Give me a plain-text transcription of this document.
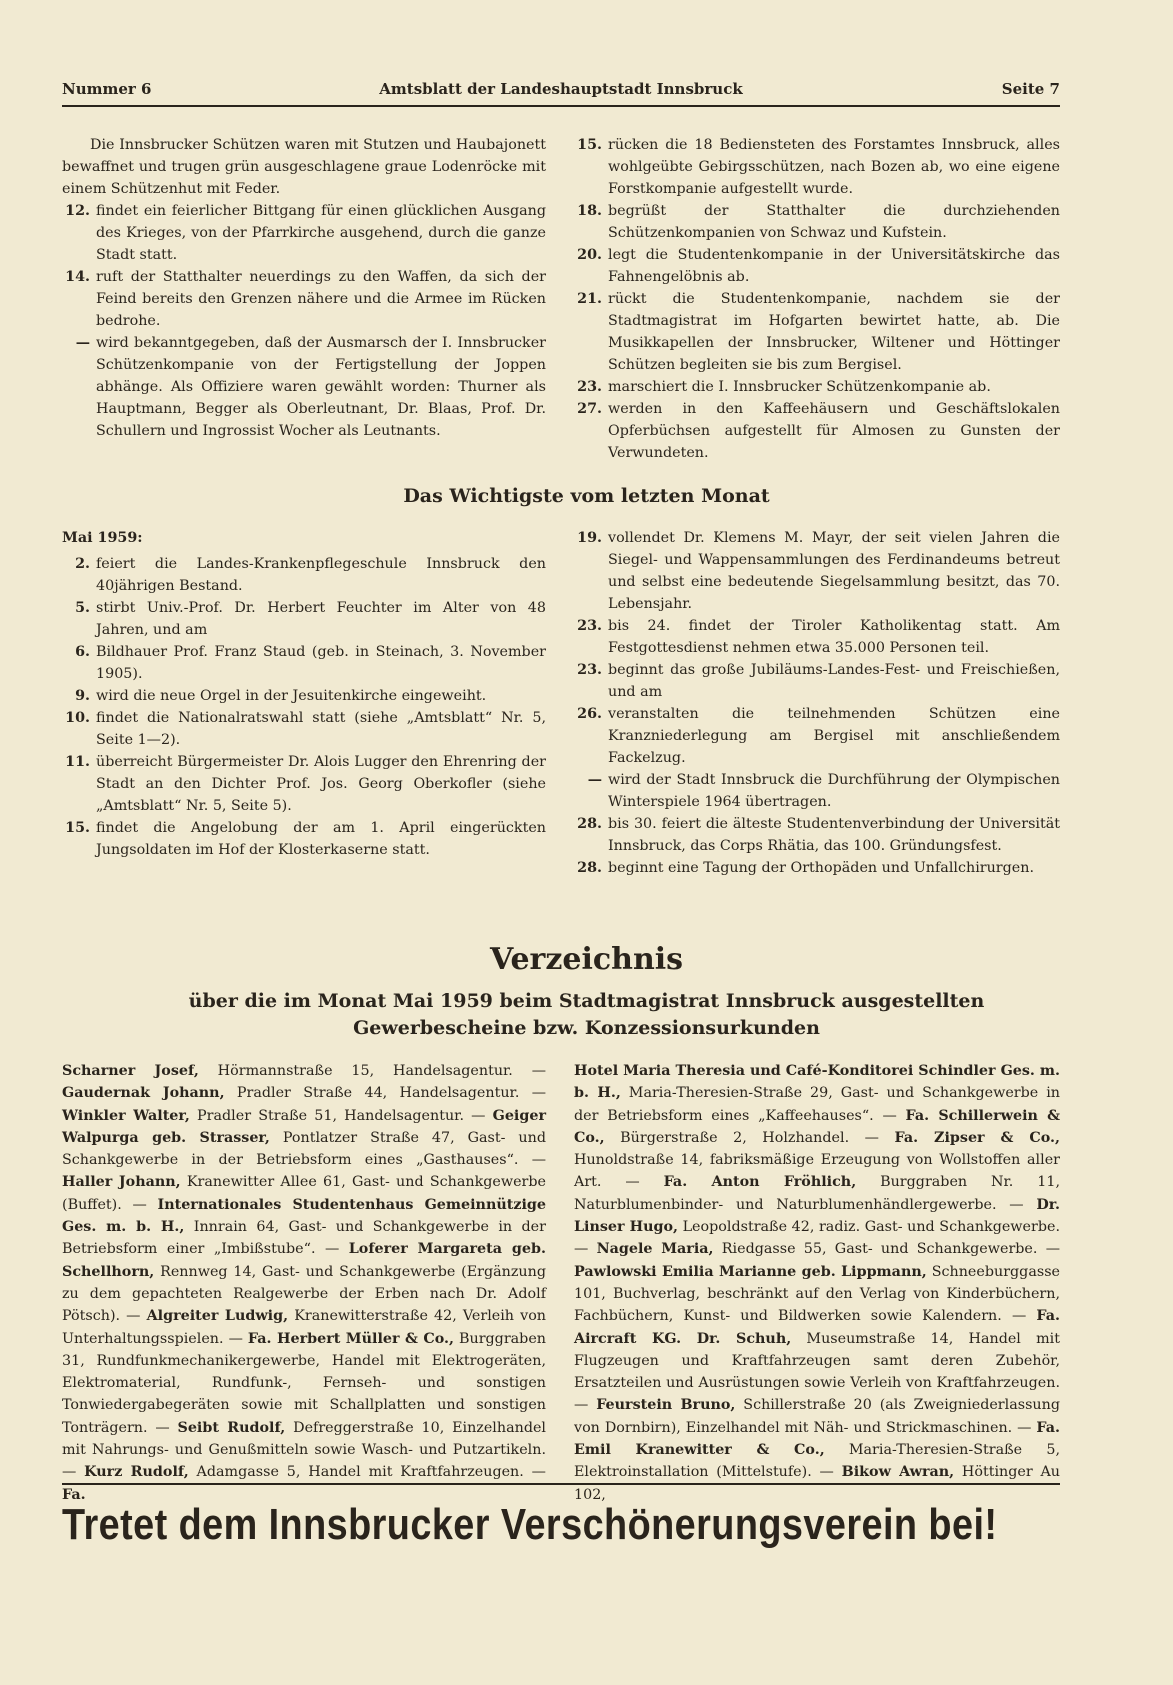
Nummer 6	Amtsblatt der Landeshauptstadt Innsbruck	Seite 7
Die Innsbrucker Schützen waren mit Stutzen und Haubajonett bewaffnet und trugen grün ausgeschlagene graue Lodenröcke mit einem Schützenhut mit Feder.
12. findet ein feierlicher Bittgang für einen glücklichen Ausgang des Krieges, von der Pfarrkirche ausgehend, durch die ganze Stadt statt.
14. ruft der Statthalter neuerdings zu den Waffen, da sich der Feind bereits den Grenzen nähere und die Armee im Rücken bedrohe.
— wird bekanntgegeben, daß der Ausmarsch der I. Innsbrucker Schützenkompanie von der Fertigstellung der Joppen abhänge. Als Offiziere waren gewählt worden: Thurner als Hauptmann, Begger als Oberleutnant, Dr. Blaas, Prof. Dr. Schullern und Ingrossist Wocher als Leutnants.
15. rücken die 18 Bediensteten des Forstamtes Innsbruck, alles wohlgeübte Gebirgsschützen, nach Bozen ab, wo eine eigene Forstkompanie aufgestellt wurde.
18. begrüßt der Statthalter die durchziehenden Schützenkompanien von Schwaz und Kufstein.
20. legt die Studentenkompanie in der Universitätskirche das Fahnengelöbnis ab.
21. rückt die Studentenkompanie, nachdem sie der Stadtmagistrat im Hofgarten bewirtet hatte, ab. Die Musikkapellen der Innsbrucker, Wiltener und Höttinger Schützen begleiten sie bis zum Bergisel.
23. marschiert die I. Innsbrucker Schützenkompanie ab.
27. werden in den Kaffeehäusern und Geschäftslokalen Opferbüchsen aufgestellt für Almosen zu Gunsten der Verwundeten.
Das Wichtigste vom letzten Monat
Mai 1959:
2. feiert die Landes-Krankenpflegeschule Innsbruck den 40jährigen Bestand.
5. stirbt Univ.-Prof. Dr. Herbert Feuchter im Alter von 48 Jahren, und am
6. Bildhauer Prof. Franz Staud (geb. in Steinach, 3. November 1905).
9. wird die neue Orgel in der Jesuitenkirche eingeweiht.
10. findet die Nationalratswahl statt (siehe „Amtsblatt“ Nr. 5, Seite 1—2).
11. überreicht Bürgermeister Dr. Alois Lugger den Ehrenring der Stadt an den Dichter Prof. Jos. Georg Oberkofler (siehe „Amtsblatt“ Nr. 5, Seite 5).
15. findet die Angelobung der am 1. April eingerückten Jungsoldaten im Hof der Klosterkaserne statt.
19. vollendet Dr. Klemens M. Mayr, der seit vielen Jahren die Siegel- und Wappensammlungen des Ferdinandeums betreut und selbst eine bedeutende Siegelsammlung besitzt, das 70. Lebensjahr.
23. bis 24. findet der Tiroler Katholikentag statt. Am Festgottesdienst nehmen etwa 35.000 Personen teil.
23. beginnt das große Jubiläums-Landes-Fest- und Freischießen, und am
26. veranstalten die teilnehmenden Schützen eine Kranzniederlegung am Bergisel mit anschließendem Fackelzug.
— wird der Stadt Innsbruck die Durchführung der Olympischen Winterspiele 1964 übertragen.
28. bis 30. feiert die älteste Studentenverbindung der Universität Innsbruck, das Corps Rhätia, das 100. Gründungsfest.
28. beginnt eine Tagung der Orthopäden und Unfallchirurgen.
Verzeichnis
über die im Monat Mai 1959 beim Stadtmagistrat Innsbruck ausgestellten
Gewerbescheine bzw. Konzessionsurkunden
Scharner Josef, Hörmannstraße 15, Handelsagentur. — Gaudernak Johann, Pradler Straße 44, Handelsagentur. — Winkler Walter, Pradler Straße 51, Handelsagentur. — Geiger Walpurga geb. Strasser, Pontlatzer Straße 47, Gast- und Schankgewerbe in der Betriebsform eines „Gasthauses“. — Haller Johann, Kranewitter Allee 61, Gast- und Schankgewerbe (Buffet). — Internationales Studentenhaus Gemeinnützige Ges. m. b. H., Innrain 64, Gast- und Schankgewerbe in der Betriebsform einer „Imbißstube“. — Loferer Margareta geb. Schellhorn, Rennweg 14, Gast- und Schankgewerbe (Ergänzung zu dem gepachteten Realgewerbe der Erben nach Dr. Adolf Pötsch). — Algreiter Ludwig, Kranewitterstraße 42, Verleih von Unterhaltungsspielen. — Fa. Herbert Müller & Co., Burggraben 31, Rundfunkmechanikergewerbe, Handel mit Elektrogeräten, Elektromaterial, Rundfunk-, Fernseh- und sonstigen Tonwiedergabegeräten sowie mit Schallplatten und sonstigen Tonträgern. — Seibt Rudolf, Defreggerstraße 10, Einzelhandel mit Nahrungs- und Genußmitteln sowie Wasch- und Putzartikeln. — Kurz Rudolf, Adamgasse 5, Handel mit Kraftfahrzeugen. — Fa.
Hotel Maria Theresia und Café-Konditorei Schindler Ges. m. b. H., Maria-Theresien-Straße 29, Gast- und Schankgewerbe in der Betriebsform eines „Kaffeehauses“. — Fa. Schillerwein & Co., Bürgerstraße 2, Holzhandel. — Fa. Zipser & Co., Hunoldstraße 14, fabriksmäßige Erzeugung von Wollstoffen aller Art. — Fa. Anton Fröhlich, Burggraben Nr. 11, Naturblumenbinder- und Naturblumenhändlergewerbe. — Dr. Linser Hugo, Leopoldstraße 42, radiz. Gast- und Schankgewerbe. — Nagele Maria, Riedgasse 55, Gast- und Schankgewerbe. — Pawlowski Emilia Marianne geb. Lippmann, Schneeburggasse 101, Buchverlag, beschränkt auf den Verlag von Kinderbüchern, Fachbüchern, Kunst- und Bildwerken sowie Kalendern. — Fa. Aircraft KG. Dr. Schuh, Museumstraße 14, Handel mit Flugzeugen und Kraftfahrzeugen samt deren Zubehör, Ersatzteilen und Ausrüstungen sowie Verleih von Kraftfahrzeugen. — Feurstein Bruno, Schillerstraße 20 (als Zweigniederlassung von Dornbirn), Einzelhandel mit Näh- und Strickmaschinen. — Fa. Emil Kranewitter & Co., Maria-Theresien-Straße 5, Elektroinstallation (Mittelstufe). — Bikow Awran, Höttinger Au 102,
Tretet dem Innsbrucker Verschönerungsverein bei!
